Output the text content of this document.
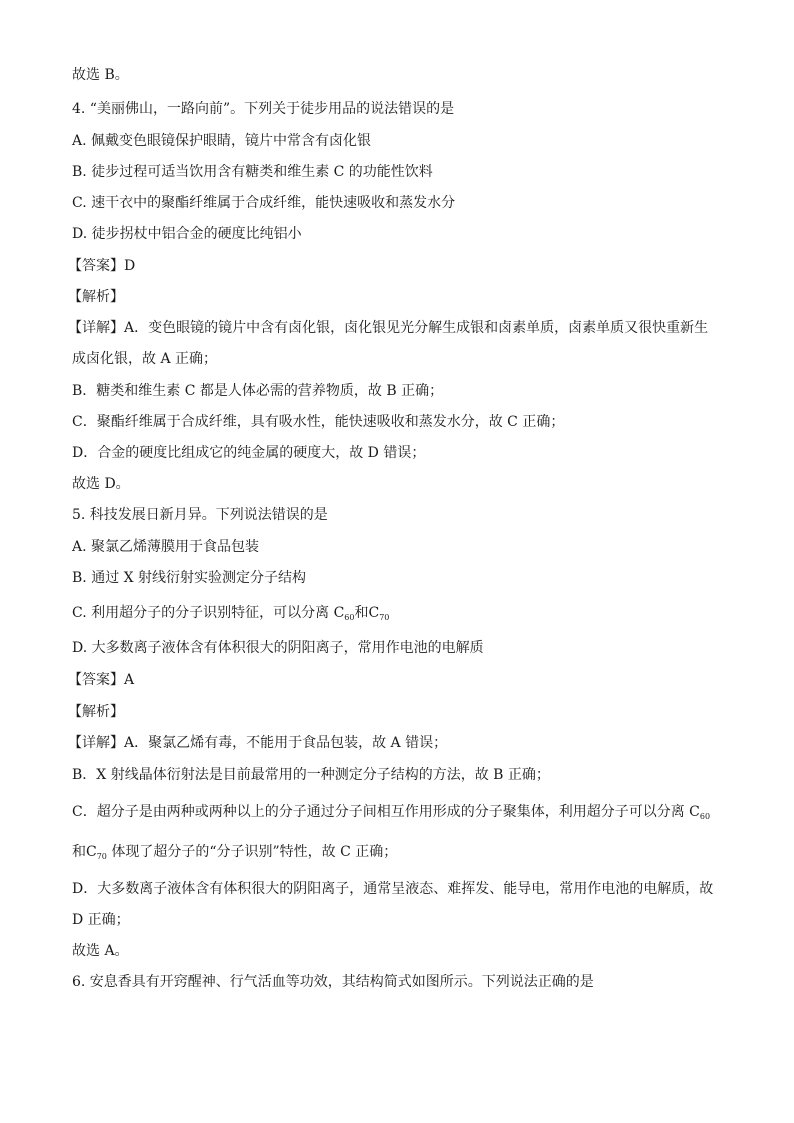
故选 B。
4. “美丽佛山，一路向前”。下列关于徒步用品的说法错误的是
A. 佩戴变色眼镜保护眼睛，镜片中常含有卤化银
B. 徒步过程可适当饮用含有糖类和维生素 C 的功能性饮料
C. 速干衣中的聚酯纤维属于合成纤维，能快速吸收和蒸发水分
D. 徒步拐杖中铝合金的硬度比纯铝小
【答案】D
【解析】
【详解】A．变色眼镜的镜片中含有卤化银，卤化银见光分解生成银和卤素单质，卤素单质又很快重新生
成卤化银，故 A 正确；
B．糖类和维生素 C 都是人体必需的营养物质，故 B 正确；
C．聚酯纤维属于合成纤维，具有吸水性，能快速吸收和蒸发水分，故 C 正确；
D．合金的硬度比组成它的纯金属的硬度大，故 D 错误；
故选 D。
5. 科技发展日新月异。下列说法错误的是
A. 聚氯乙烯薄膜用于食品包装
B. 通过 X 射线衍射实验测定分子结构
C. 利用超分子的分子识别特征，可以分离 $C_{60}$和$C_{70}$
D. 大多数离子液体含有体积很大的阴阳离子，常用作电池的电解质
【答案】A
【解析】
【详解】A．聚氯乙烯有毒，不能用于食品包装，故 A 错误；
B．X 射线晶体衍射法是目前最常用的一种测定分子结构的方法，故 B 正确；
C．超分子是由两种或两种以上的分子通过分子间相互作用形成的分子聚集体，利用超分子可以分离 $C_{60}$
和$C_{70}$ 体现了超分子的“分子识别”特性，故 C 正确；
D．大多数离子液体含有体积很大的阴阳离子，通常呈液态、难挥发、能导电，常用作电池的电解质，故
D 正确；
故选 A。
6. 安息香具有开窍醒神、行气活血等功效，其结构简式如图所示。下列说法正确的是
